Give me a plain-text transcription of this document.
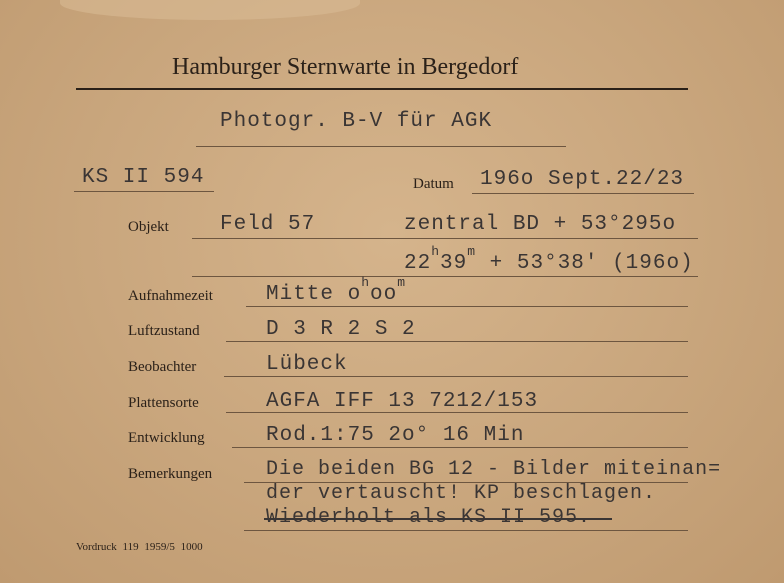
Hamburger Sternwarte in Bergedorf
Photogr. B-V für AGK
KS II 594	Datum 196o Sept.22/23
Objekt Feld 57	zentral BD + 53°295o
$22^h39^m + 53^\circ 38'$ (196o)
Aufnahmezeit	Mitte $o^hoo^m$
Luftzustand	D 3 R 2 S 2
Beobachter	Lübeck
Plattensorte	AGFA IFF 13 7212/153
Entwicklung	Rod.1:75 2o° 16 Min
Bemerkungen	Die beiden BG 12 - Bilder miteinan=
der vertauscht! KP beschlagen.
Wiederholt als KS II 595.
Vordruck 119 1959/5 1000
